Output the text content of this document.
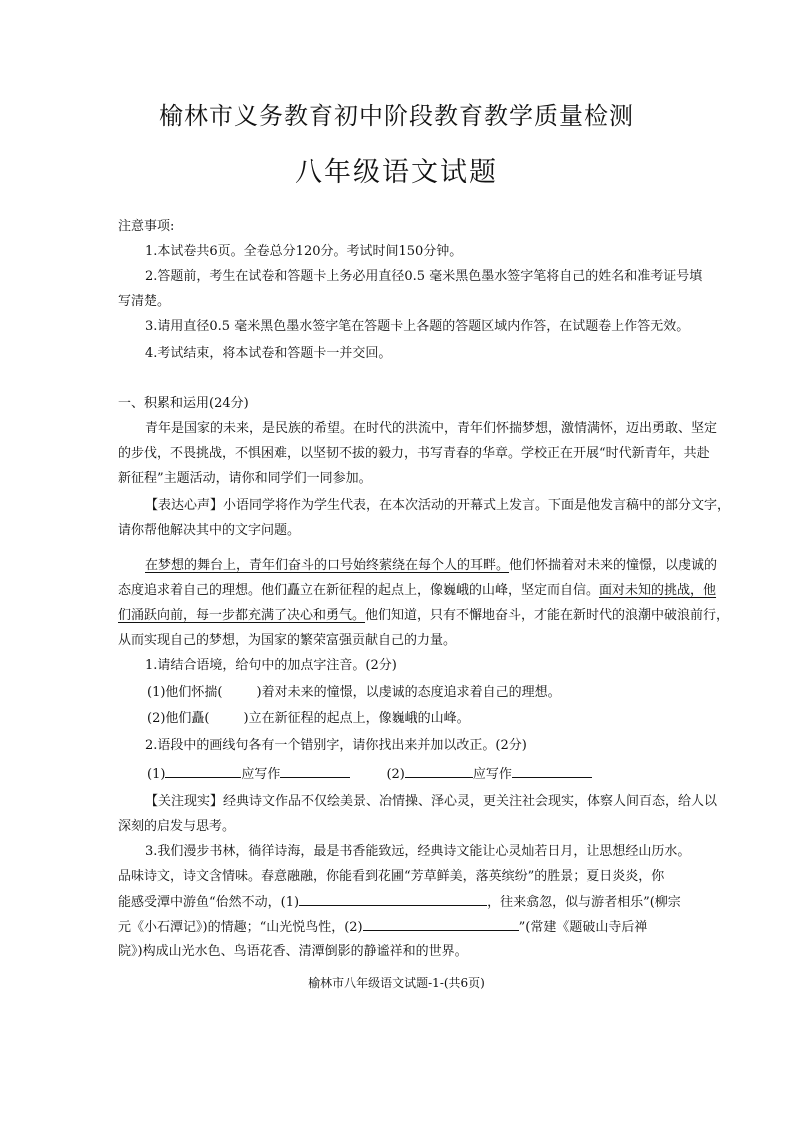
榆林市义务教育初中阶段教育教学质量检测
八年级语文试题
注意事项:
1.本试卷共6页。全卷总分120分。考试时间150分钟。
2.答题前，考生在试卷和答题卡上务必用直径0.5 毫米黑色墨水签字笔将自己的姓名和准考证号填
写清楚。
3.请用直径0.5 毫米黑色墨水签字笔在答题卡上各题的答题区域内作答，在试题卷上作答无效。
4.考试结束，将本试卷和答题卡一并交回。
一、积累和运用(24分)
青年是国家的未来，是民族的希望。在时代的洪流中，青年们怀揣梦想，激情满怀，迈出勇敢、坚定
的步伐，不畏挑战，不惧困难，以坚韧不拔的毅力，书写青春的华章。学校正在开展“时代新青年，共赴
新征程”主题活动，请你和同学们一同参加。
【表达心声】小语同学将作为学生代表，在本次活动的开幕式上发言。下面是他发言稿中的部分文字，
请你帮他解决其中的文字问题。
在梦想的舞台上，青年们奋斗的口号始终萦绕在每个人的耳畔。他们怀揣着对未来的憧憬，以虔诚的
态度追求着自己的理想。他们矗立在新征程的起点上，像巍峨的山峰，坚定而自信。面对未知的挑战，他
们涌跃向前，每一步都充满了决心和勇气。他们知道，只有不懈地奋斗，才能在新时代的浪潮中破浪前行，
从而实现自己的梦想，为国家的繁荣富强贡献自己的力量。
1.请结合语境，给句中的加点字注音。(2分)
(1)他们怀揣(	)着对未来的憧憬，以虔诚的态度追求着自己的理想。
(2)他们矗(	)立在新征程的起点上，像巍峨的山峰。
2.语段中的画线句各有一个错别字，请你找出来并加以改正。(2分)
(1)	应写作	(2)	应写作
【关注现实】经典诗文作品不仅绘美景、冶情操、泽心灵，更关注社会现实，体察人间百态，给人以
深刻的启发与思考。
3.我们漫步书林，徜徉诗海，最是书香能致远，经典诗文能让心灵灿若日月，让思想经山历水。
品味诗文，诗文含情味。春意融融，你能看到花圃“芳草鲜美，落英缤纷”的胜景；夏日炎炎，你
能感受潭中游鱼“佁然不动，(1)	，往来翕忽，似与游者相乐”(柳宗
元《小石潭记》)的情趣；“山光悦鸟性，(2)	”(常建《题破山寺后禅
院》)构成山光水色、鸟语花香、清潭倒影的静谧祥和的世界。
榆林市八年级语文试题-1-(共6页)
